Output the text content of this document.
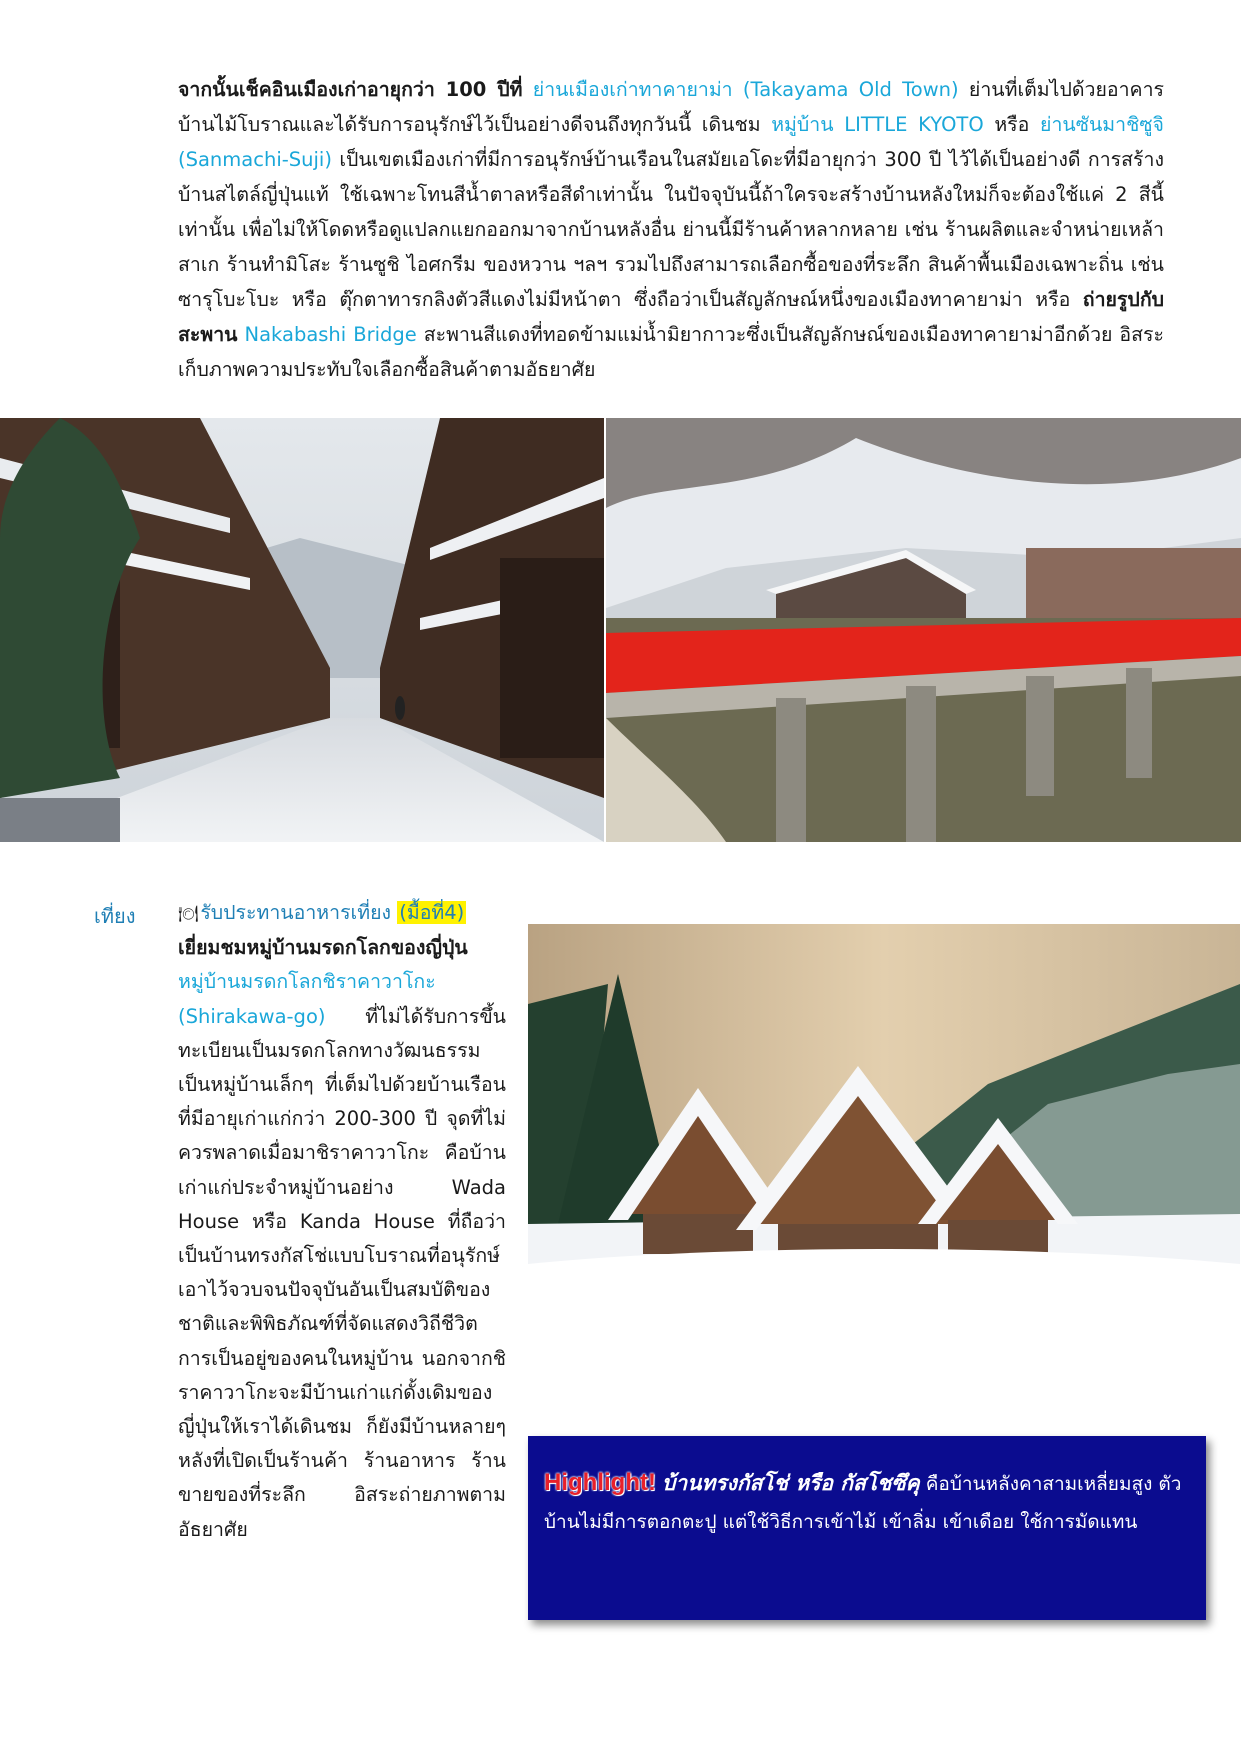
จากนั้นเช็คอินเมืองเก่าอายุกว่า 100 ปีที่ ย่านเมืองเก่าทาคายาม่า (Takayama Old Town) ย่านที่เต็มไปด้วยอาคารบ้านไม้โบราณและได้รับการอนุรักษ์ไว้เป็นอย่างดีจนถึงทุกวันนี้ เดินชม หมู่บ้าน LITTLE KYOTO หรือ ย่านซันมาชิซูจิ (Sanmachi-Suji) เป็นเขตเมืองเก่าที่มีการอนุรักษ์บ้านเรือนในสมัยเอโดะที่มีอายุกว่า 300 ปี ไว้ได้เป็นอย่างดี การสร้างบ้านสไตล์ญี่ปุ่นแท้ ใช้เฉพาะโทนสีน้ำตาลหรือสีดำเท่านั้น ในปัจจุบันนี้ถ้าใครจะสร้างบ้านหลังใหม่ก็จะต้องใช้แค่ 2 สีนี้เท่านั้น เพื่อไม่ให้โดดหรือดูแปลกแยกออกมาจากบ้านหลังอื่น ย่านนี้มีร้านค้าหลากหลาย เช่น ร้านผลิตและจำหน่ายเหล้าสาเก ร้านทำมิโสะ ร้านซูชิ ไอศกรีม ของหวาน ฯลฯ รวมไปถึงสามารถเลือกซื้อของที่ระลึก สินค้าพื้นเมืองเฉพาะถิ่น เช่น ซารุโบะโบะ หรือ ตุ๊กตาทารกลิงตัวสีแดงไม่มีหน้าตา ซึ่งถือว่าเป็นสัญลักษณ์หนึ่งของเมืองทาคายาม่า หรือ ถ่ายรูปกับสะพาน Nakabashi Bridge สะพานสีแดงที่ทอดข้ามแม่น้ำมิยากาวะซึ่งเป็นสัญลักษณ์ของเมืองทาคายาม่าอีกด้วย อิสระเก็บภาพความประทับใจเลือกซื้อสินค้าตามอัธยาศัย
เที่ยง	🍽 รับประทานอาหารเที่ยง (มื้อที่4)
เยี่ยมชมหมู่บ้านมรดกโลกของญี่ปุ่น
หมู่บ้านมรดกโลกชิราคาวาโกะ (Shirakawa-go) ที่ไม่ได้รับการขึ้นทะเบียนเป็นมรดกโลกทางวัฒนธรรมเป็นหมู่บ้านเล็กๆ ที่เต็มไปด้วยบ้านเรือนที่มีอายุเก่าแก่กว่า 200-300 ปี จุดที่ไม่ควรพลาดเมื่อมาชิราคาวาโกะ คือบ้านเก่าแก่ประจำหมู่บ้านอย่าง Wada House หรือ Kanda House ที่ถือว่าเป็นบ้านทรงกัสโช่แบบโบราณที่อนุรักษ์เอาไว้จวบจนปัจจุบันอันเป็นสมบัติของชาติและพิพิธภัณฑ์ที่จัดแสดงวิถีชีวิตการเป็นอยู่ของคนในหมู่บ้าน นอกจากชิราคาวาโกะจะมีบ้านเก่าแก่ดั้งเดิมของญี่ปุ่นให้เราได้เดินชม ก็ยังมีบ้านหลายๆ หลังที่เปิดเป็นร้านค้า ร้านอาหาร ร้านขายของที่ระลึก อิสระถ่ายภาพตามอัธยาศัย
Highlight! บ้านทรงกัสโช่ หรือ กัสโชซึคุ คือบ้านหลังคาสามเหลี่ยมสูง ตัวบ้านไม่มีการตอกตะปู แต่ใช้วิธีการเข้าไม้ เข้าลิ่ม เข้าเดือย ใช้การมัดแทน
